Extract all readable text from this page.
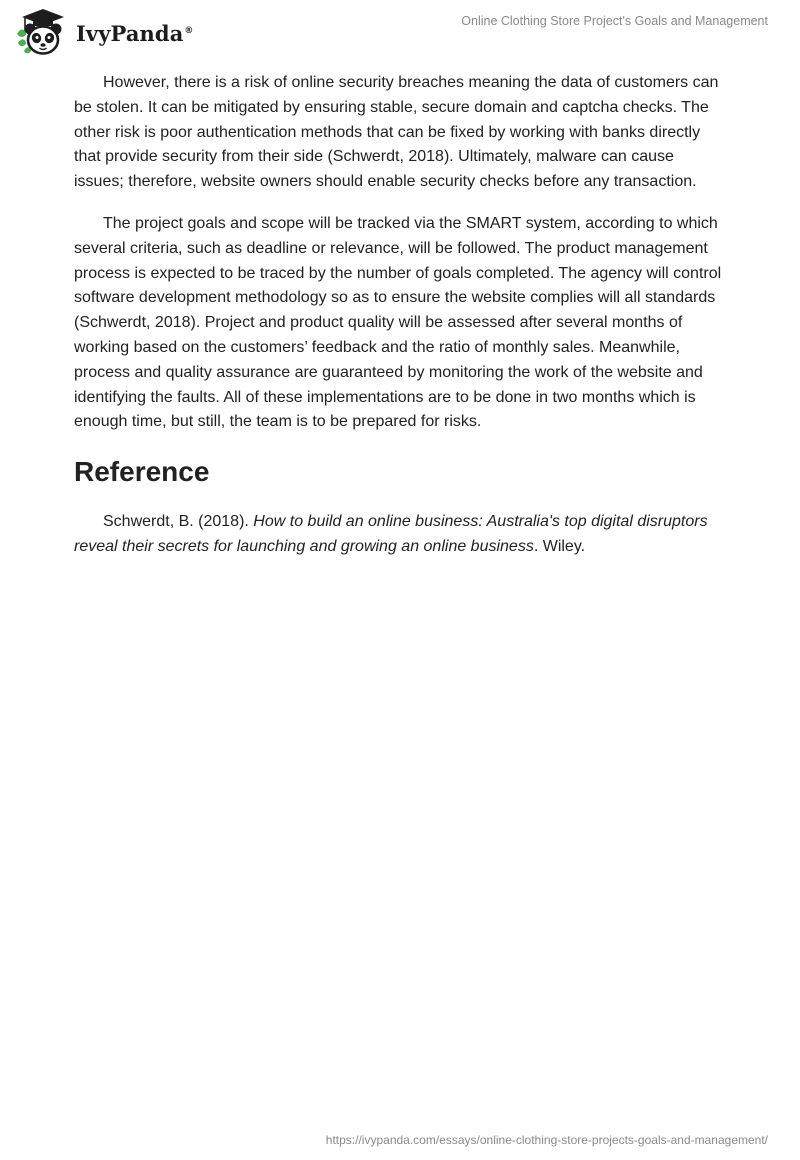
IvyPanda®
Online Clothing Store Project's Goals and Management

However, there is a risk of online security breaches meaning the data of customers can be stolen. It can be mitigated by ensuring stable, secure domain and captcha checks. The other risk is poor authentication methods that can be fixed by working with banks directly that provide security from their side (Schwerdt, 2018). Ultimately, malware can cause issues; therefore, website owners should enable security checks before any transaction.

The project goals and scope will be tracked via the SMART system, according to which several criteria, such as deadline or relevance, will be followed. The product management process is expected to be traced by the number of goals completed. The agency will control software development methodology so as to ensure the website complies will all standards (Schwerdt, 2018). Project and product quality will be assessed after several months of working based on the customers’ feedback and the ratio of monthly sales. Meanwhile, process and quality assurance are guaranteed by monitoring the work of the website and identifying the faults. All of these implementations are to be done in two months which is enough time, but still, the team is to be prepared for risks.

Reference

Schwerdt, B. (2018). How to build an online business: Australia's top digital disruptors reveal their secrets for launching and growing an online business. Wiley.

https://ivypanda.com/essays/online-clothing-store-projects-goals-and-management/
